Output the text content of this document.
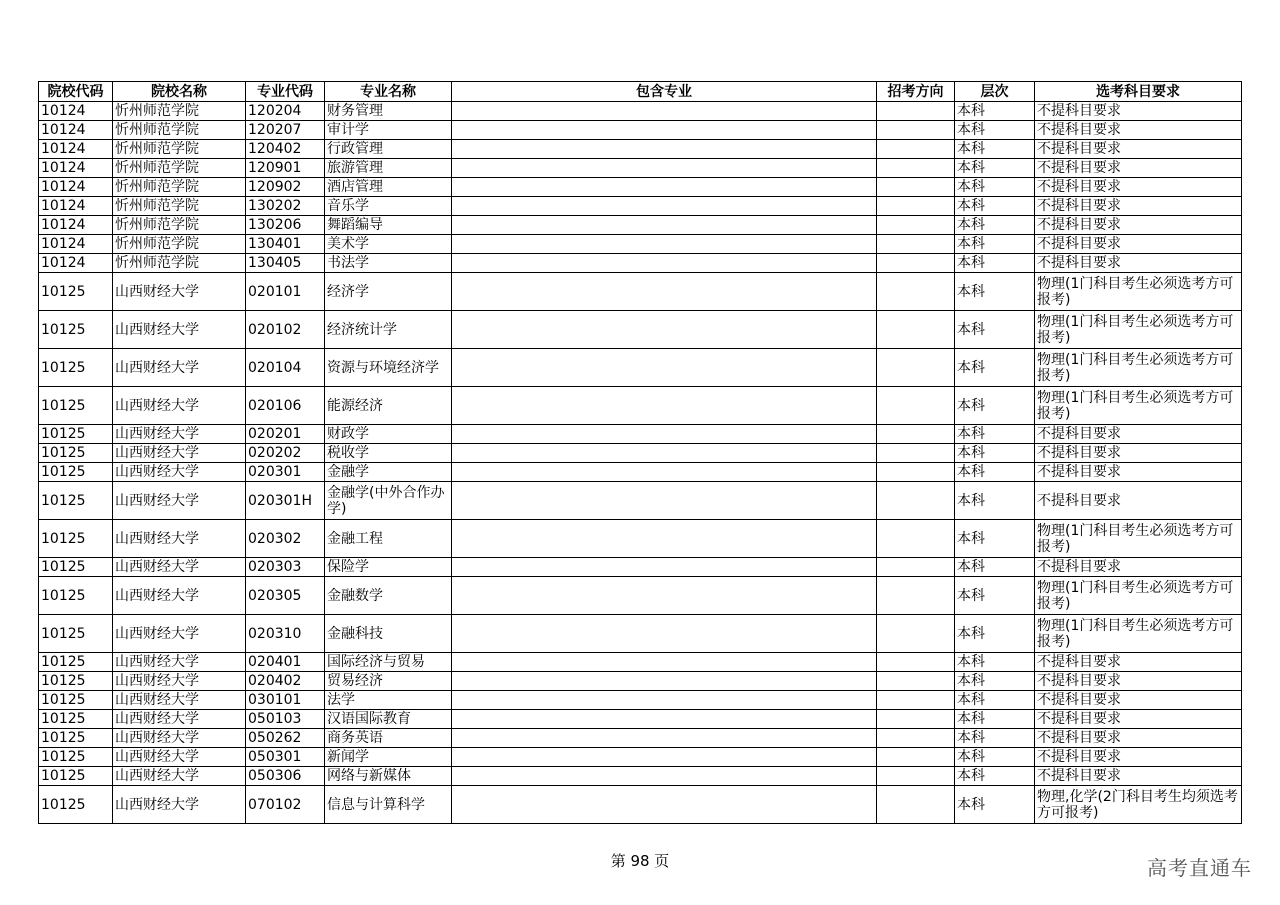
院校代码	院校名称	专业代码	专业名称	包含专业	招考方向	层次	选考科目要求
10124	忻州师范学院	120204	财务管理			本科	不提科目要求
10124	忻州师范学院	120207	审计学			本科	不提科目要求
10124	忻州师范学院	120402	行政管理			本科	不提科目要求
10124	忻州师范学院	120901	旅游管理			本科	不提科目要求
10124	忻州师范学院	120902	酒店管理			本科	不提科目要求
10124	忻州师范学院	130202	音乐学			本科	不提科目要求
10124	忻州师范学院	130206	舞蹈编导			本科	不提科目要求
10124	忻州师范学院	130401	美术学			本科	不提科目要求
10124	忻州师范学院	130405	书法学			本科	不提科目要求
10125	山西财经大学	020101	经济学			本科	物理(1门科目考生必须选考方可报考)
10125	山西财经大学	020102	经济统计学			本科	物理(1门科目考生必须选考方可报考)
10125	山西财经大学	020104	资源与环境经济学			本科	物理(1门科目考生必须选考方可报考)
10125	山西财经大学	020106	能源经济			本科	物理(1门科目考生必须选考方可报考)
10125	山西财经大学	020201	财政学			本科	不提科目要求
10125	山西财经大学	020202	税收学			本科	不提科目要求
10125	山西财经大学	020301	金融学			本科	不提科目要求
10125	山西财经大学	020301H	金融学(中外合作办学)			本科	不提科目要求
10125	山西财经大学	020302	金融工程			本科	物理(1门科目考生必须选考方可报考)
10125	山西财经大学	020303	保险学			本科	不提科目要求
10125	山西财经大学	020305	金融数学			本科	物理(1门科目考生必须选考方可报考)
10125	山西财经大学	020310	金融科技			本科	物理(1门科目考生必须选考方可报考)
10125	山西财经大学	020401	国际经济与贸易			本科	不提科目要求
10125	山西财经大学	020402	贸易经济			本科	不提科目要求
10125	山西财经大学	030101	法学			本科	不提科目要求
10125	山西财经大学	050103	汉语国际教育			本科	不提科目要求
10125	山西财经大学	050262	商务英语			本科	不提科目要求
10125	山西财经大学	050301	新闻学			本科	不提科目要求
10125	山西财经大学	050306	网络与新媒体			本科	不提科目要求
10125	山西财经大学	070102	信息与计算科学			本科	物理,化学(2门科目考生均须选考方可报考)
第 98 页	高考直通车
